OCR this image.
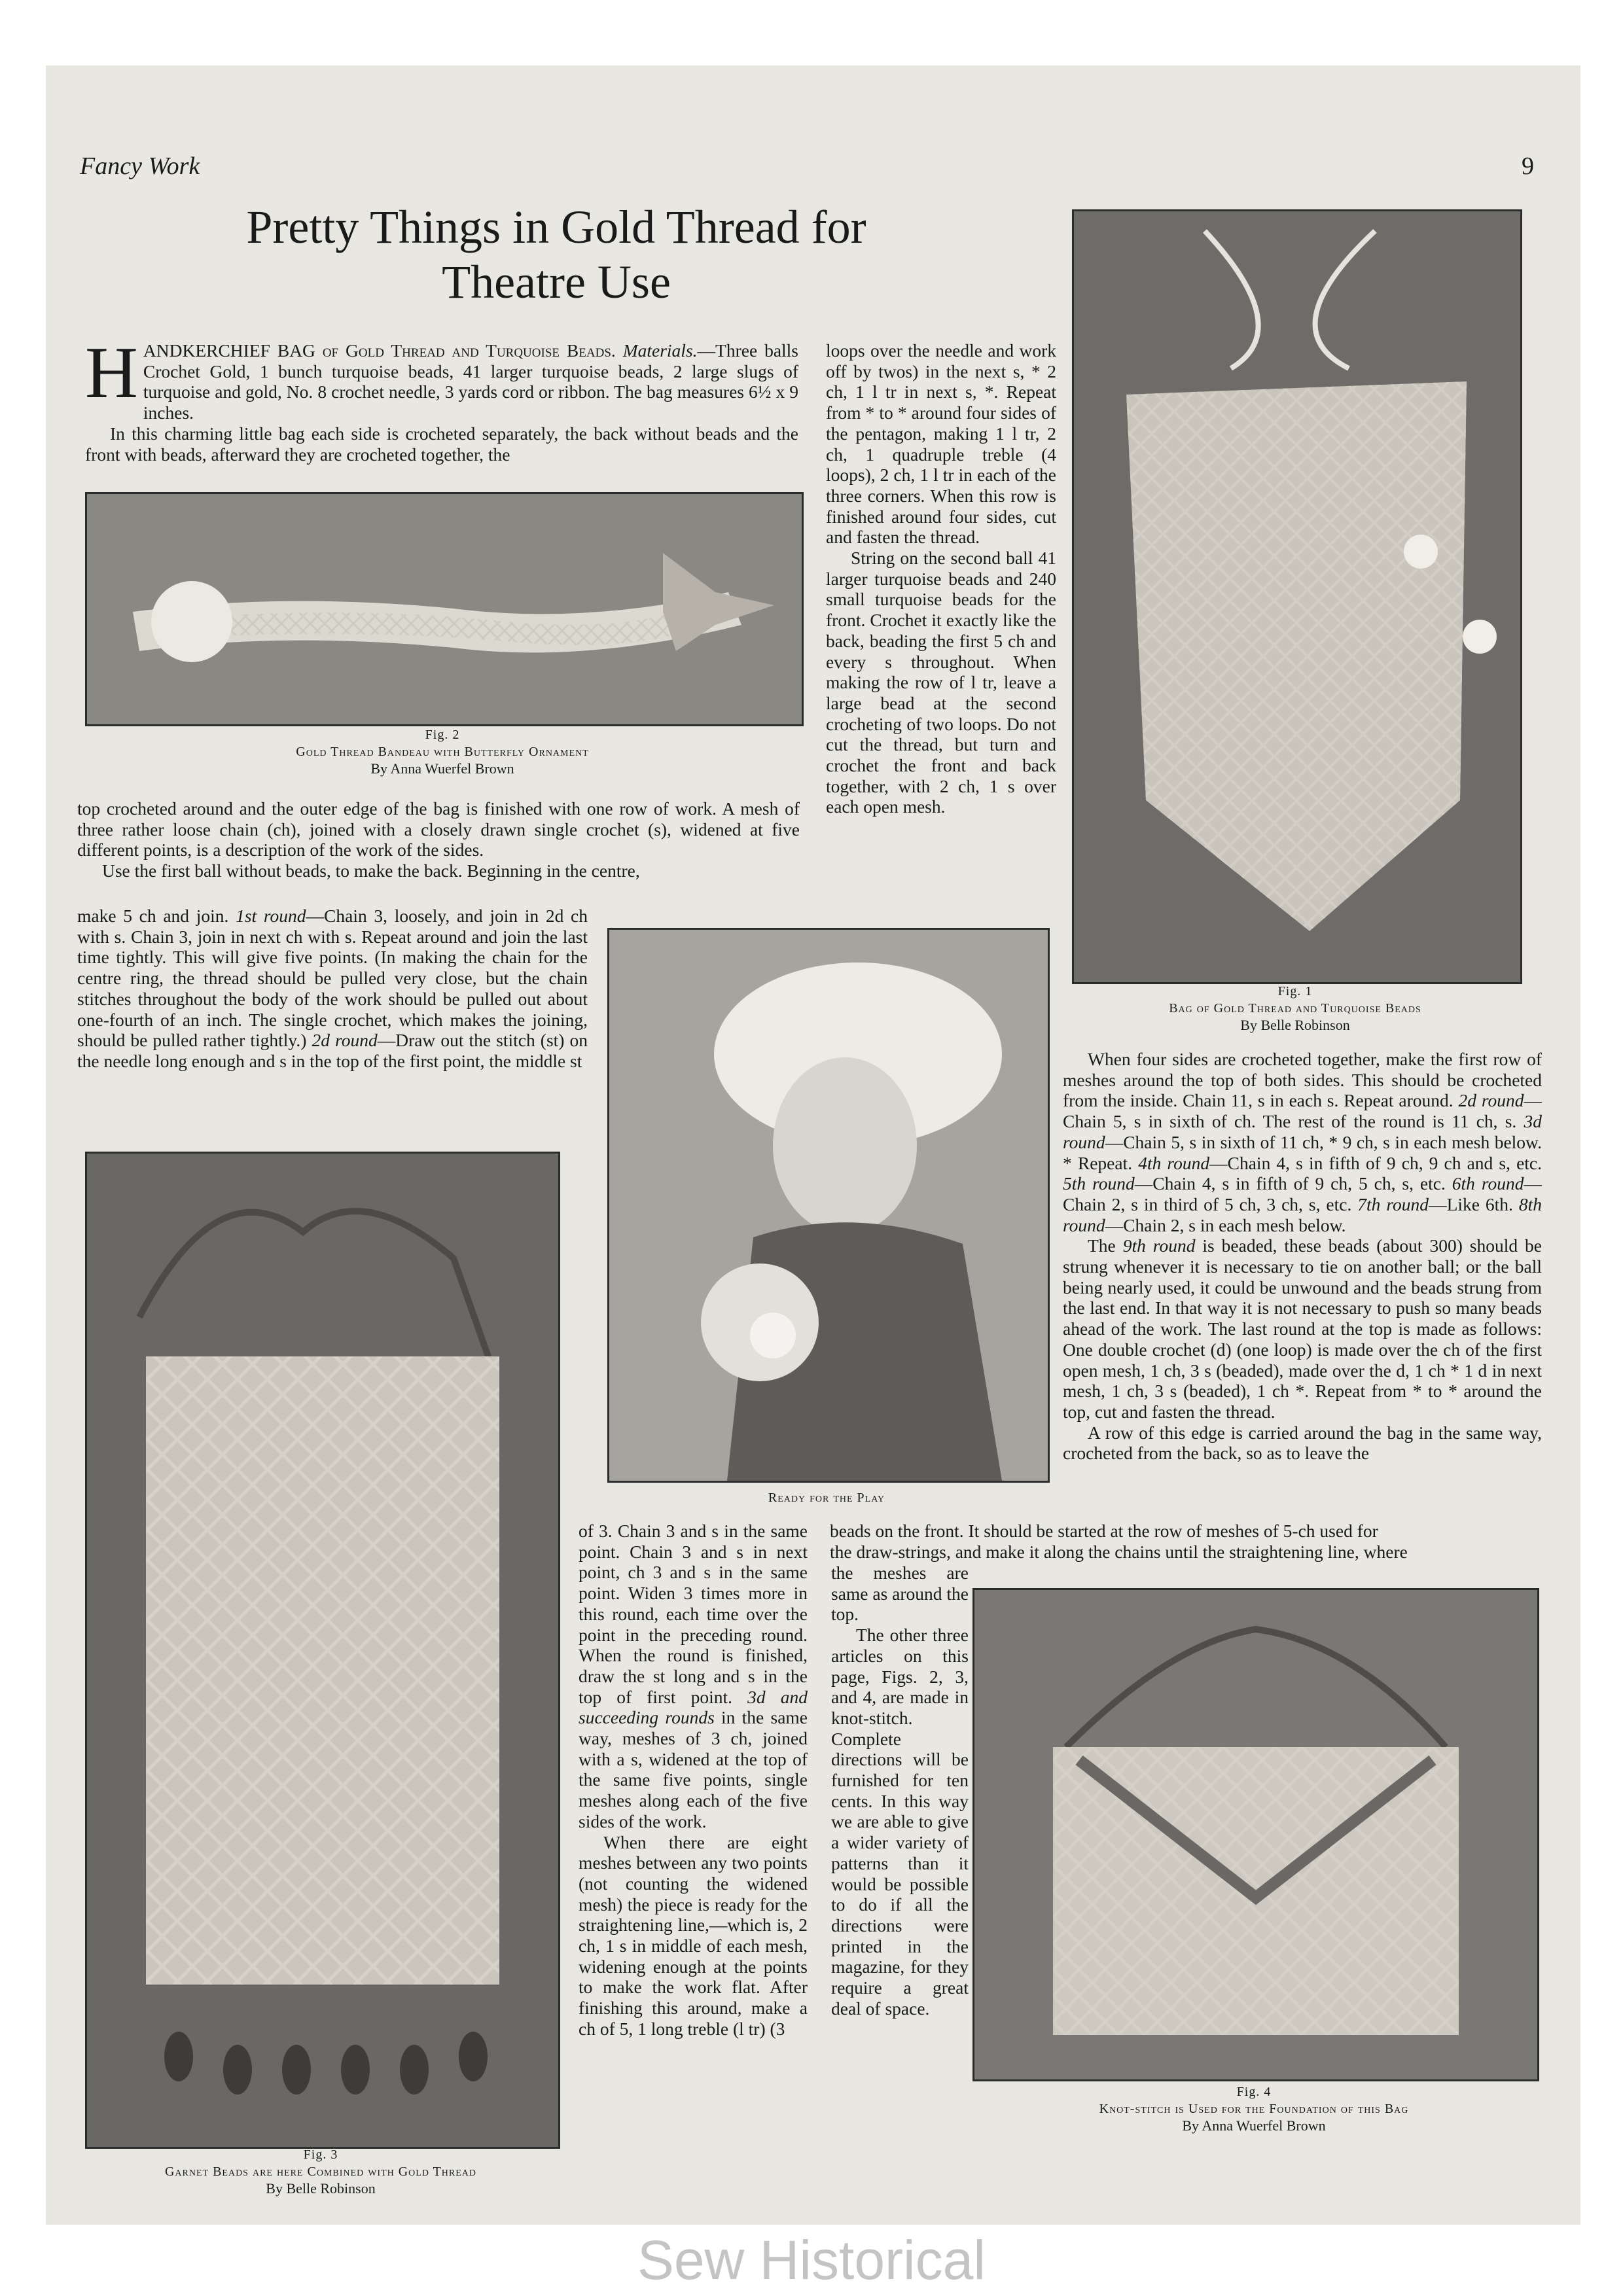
Fancy Work	9
Pretty Things in Gold Thread for
Theatre Use

HANDKERCHIEF BAG of Gold Thread and Turquoise Beads. Materials.—Three balls Crochet Gold, 1 bunch turquoise beads, 41 larger turquoise beads, 2 large slugs of turquoise and gold, No. 8 crochet needle, 3 yards cord or ribbon. The bag measures 6½ x 9 inches.

In this charming little bag each side is crocheted separately, the back without beads and the front with beads, afterward they are crocheted together, the

Fig. 2
Gold Thread Bandeau with Butterfly Ornament
By Anna Wuerfel Brown

loops over the needle and work off by twos) in the next s, * 2 ch, 1 l tr in next s, *. Repeat from * to * around four sides of the pentagon, making 1 l tr, 2 ch, 1 quadruple treble (4 loops), 2 ch, 1 l tr in each of the three corners. When this row is finished around four sides, cut and fasten the thread.

String on the second ball 41 larger turquoise beads and 240 small turquoise beads for the front. Crochet it exactly like the back, beading the first 5 ch and every s throughout. When making the row of l tr, leave a large bead at the second crocheting of two loops. Do not cut the thread, but turn and crochet the front and back together, with 2 ch, 1 s over each open mesh.

Fig. 1
Bag of Gold Thread and Turquoise Beads
By Belle Robinson

top crocheted around and the outer edge of the bag is finished with one row of work. A mesh of three rather loose chain (ch), joined with a closely drawn single crochet (s), widened at five different points, is a description of the work of the sides.

Use the first ball without beads, to make the back. Beginning in the centre,

make 5 ch and join. 1st round—Chain 3, loosely, and join in 2d ch with s. Chain 3, join in next ch with s. Repeat around and join the last time tightly. This will give five points. (In making the chain for the centre ring, the thread should be pulled very close, but the chain stitches throughout the body of the work should be pulled out about one-fourth of an inch. The single crochet, which makes the joining, should be pulled rather tightly.) 2d round—Draw out the stitch (st) on the needle long enough and s in the top of the first point, the middle st

Ready for the Play

When four sides are crocheted together, make the first row of meshes around the top of both sides. This should be crocheted from the inside. Chain 11, s in each s. Repeat around. 2d round—Chain 5, s in sixth of ch. The rest of the round is 11 ch, s. 3d round—Chain 5, s in sixth of 11 ch, * 9 ch, s in each mesh below. * Repeat. 4th round—Chain 4, s in fifth of 9 ch, 9 ch and s, etc. 5th round—Chain 4, s in fifth of 9 ch, 5 ch, s, etc. 6th round—Chain 2, s in third of 5 ch, 3 ch, s, etc. 7th round—Like 6th. 8th round—Chain 2, s in each mesh below.

The 9th round is beaded, these beads (about 300) should be strung whenever it is necessary to tie on another ball; or the ball being nearly used, it could be unwound and the beads strung from the last end. In that way it is not necessary to push so many beads ahead of the work. The last round at the top is made as follows: One double crochet (d) (one loop) is made over the ch of the first open mesh, 1 ch, 3 s (beaded), made over the d, 1 ch * 1 d in next mesh, 1 ch, 3 s (beaded), 1 ch *. Repeat from * to * around the top, cut and fasten the thread.

A row of this edge is carried around the bag in the same way, crocheted from the back, so as to leave the

beads on the front. It should be started at the row of meshes of 5-ch used for
the draw-strings, and make it along the chains until the straightening line, where
Fig. 3
Garnet Beads are here Combined with Gold Thread
By Belle Robinson

of 3. Chain 3 and s in the same point. Chain 3 and s in next point, ch 3 and s in the same point. Widen 3 times more in this round, each time over the point in the preceding round. When the round is finished, draw the st long and s in the top of first point. 3d and succeeding rounds in the same way, meshes of 3 ch, joined with a s, widened at the top of the same five points, single meshes along each of the five sides of the work.

When there are eight meshes between any two points (not counting the widened mesh) the piece is ready for the straightening line,—which is, 2 ch, 1 s in middle of each mesh, widening enough at the points to make the work flat. After finishing this around, make a ch of 5, 1 long treble (l tr) (3

the meshes are same as around the top.

The other three articles on this page, Figs. 2, 3, and 4, are made in knot-stitch. Complete directions will be furnished for ten cents. In this way we are able to give a wider variety of patterns than it would be possible to do if all the directions were printed in the magazine, for they require a great deal of space.

Fig. 4
Knot-stitch is Used for the Foundation of this Bag
By Anna Wuerfel Brown
Sew Historical
